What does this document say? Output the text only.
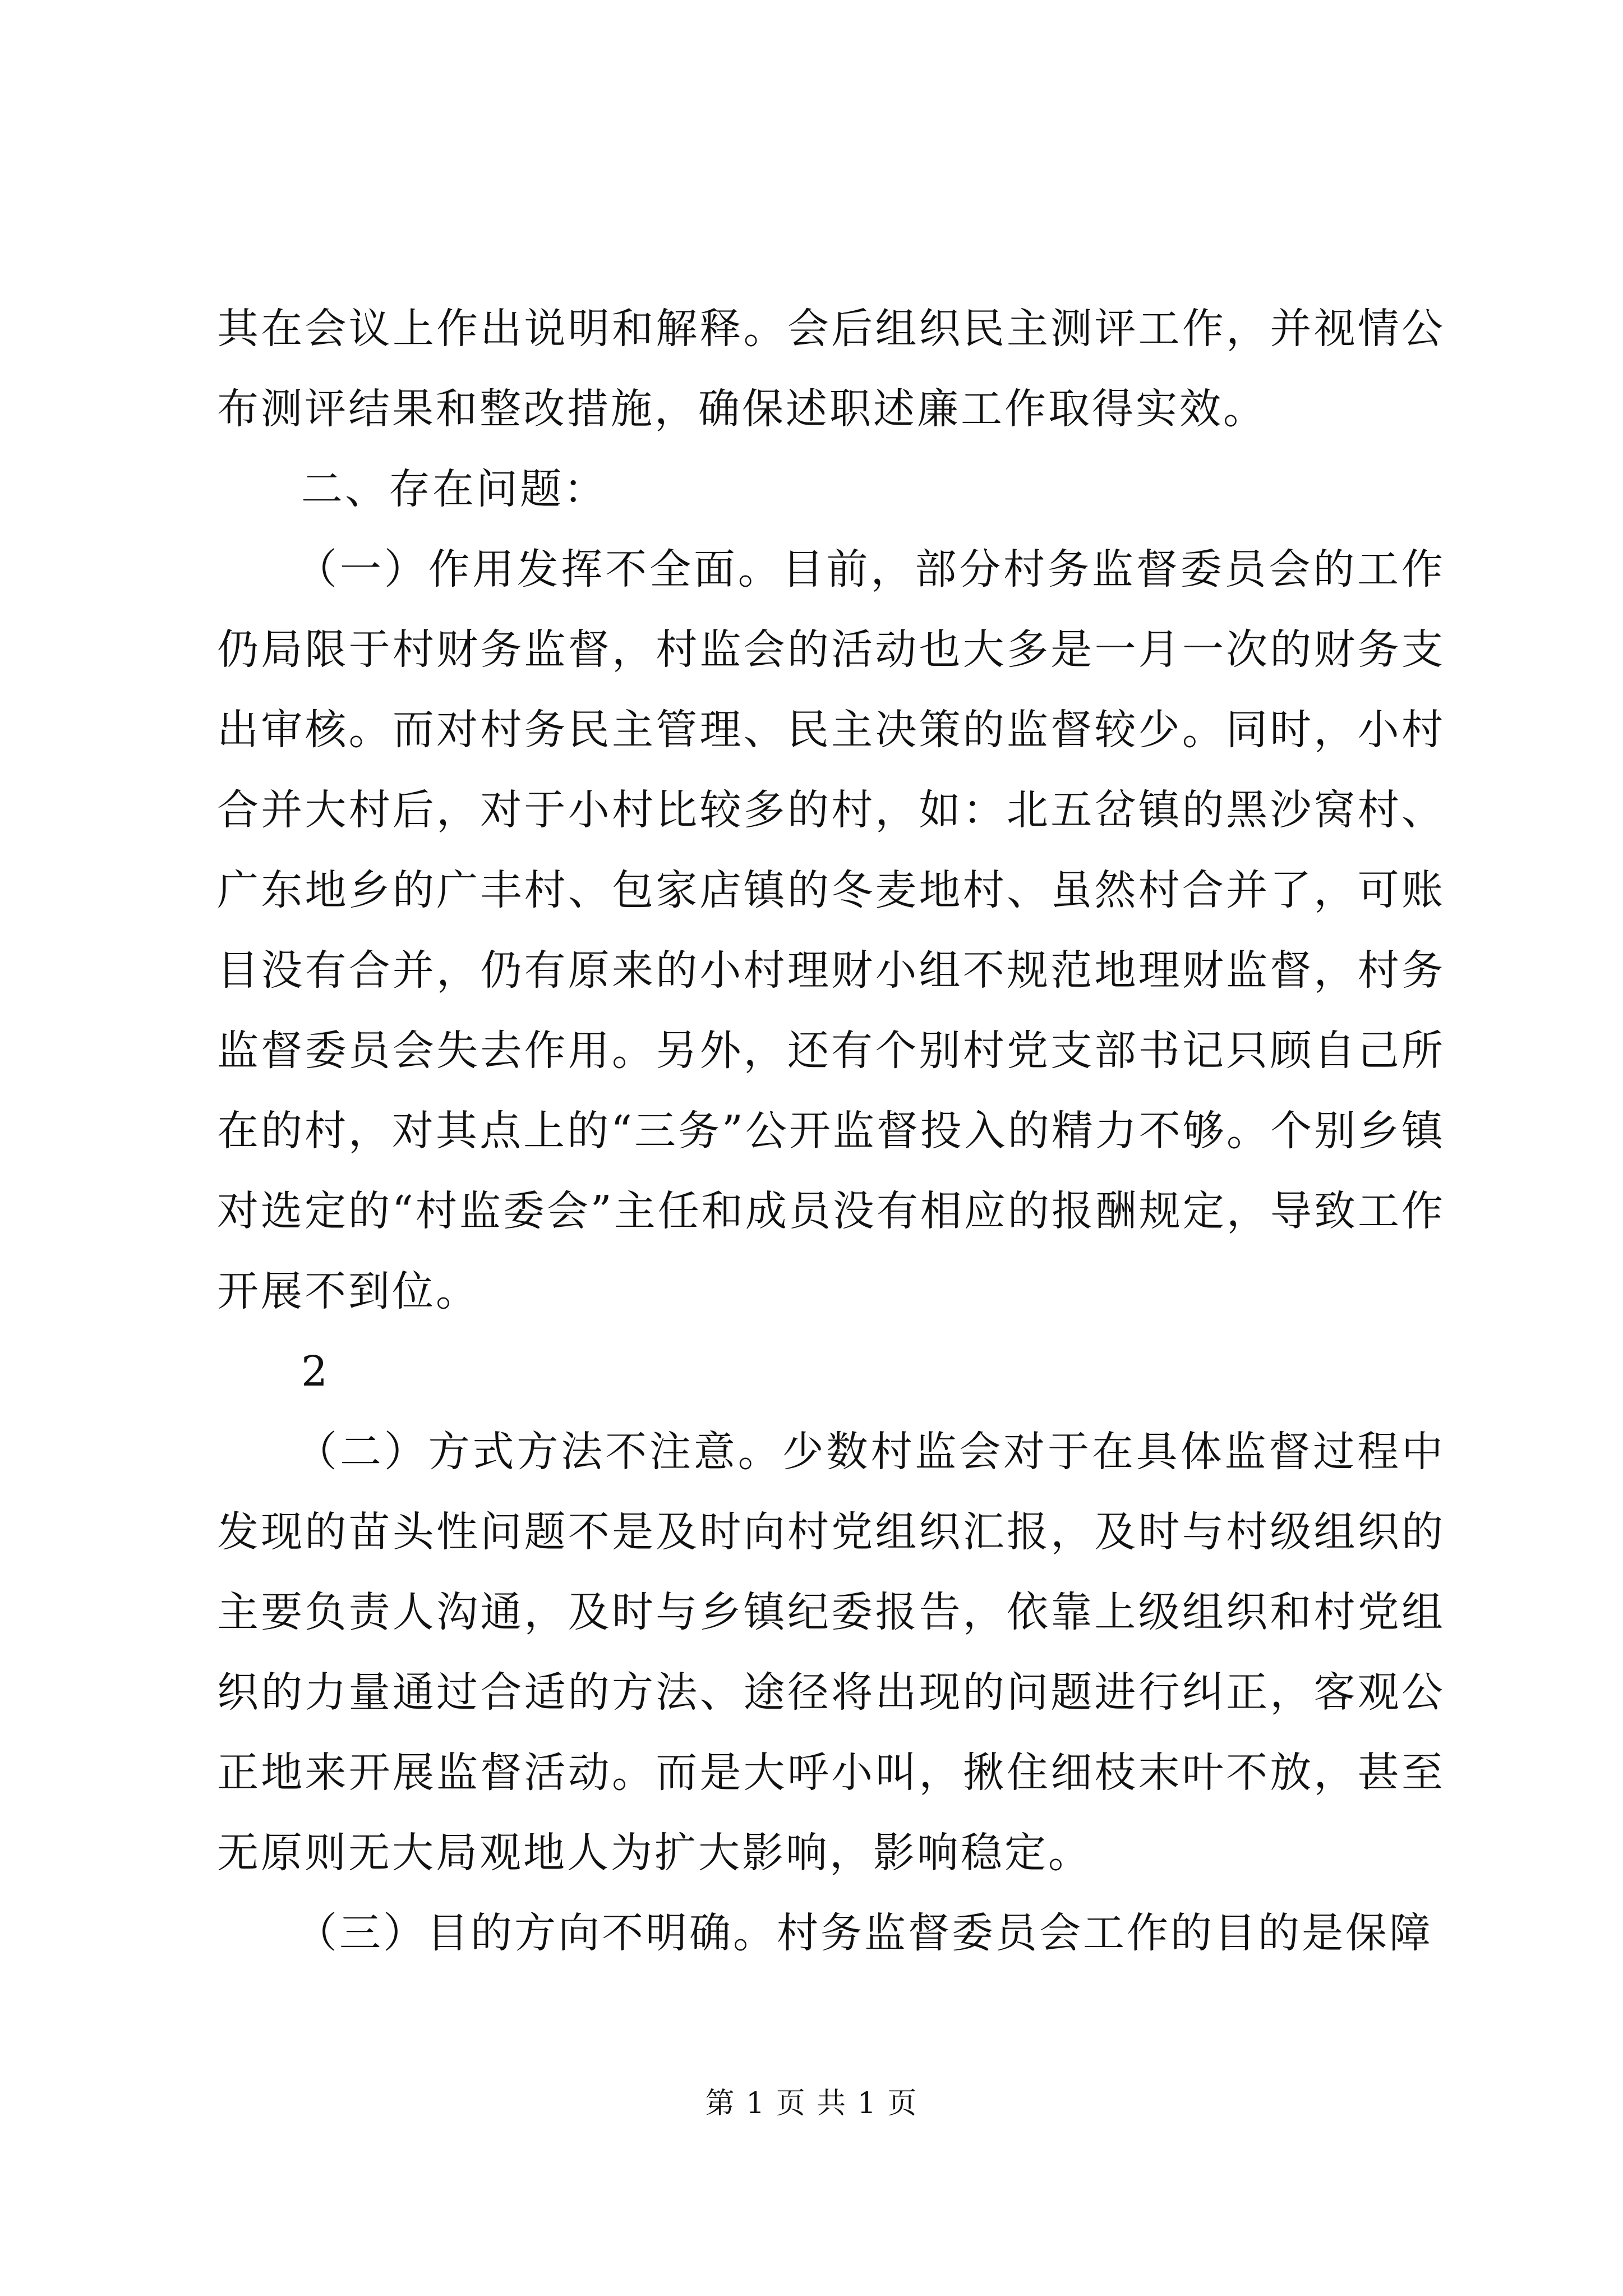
其在会议上作出说明和解释。会后组织民主测评工作，并视情公布测评结果和整改措施，确保述职述廉工作取得实效。

二、存在问题：

（一）作用发挥不全面。目前，部分村务监督委员会的工作仍局限于村财务监督，村监会的活动也大多是一月一次的财务支出审核。而对村务民主管理、民主决策的监督较少。同时，小村合并大村后，对于小村比较多的村，如：北五岔镇的黑沙窝村、广东地乡的广丰村、包家店镇的冬麦地村、虽然村合并了，可账目没有合并，仍有原来的小村理财小组不规范地理财监督，村务监督委员会失去作用。另外，还有个别村党支部书记只顾自己所在的村，对其点上的“三务”公开监督投入的精力不够。个别乡镇对选定的“村监委会”主任和成员没有相应的报酬规定，导致工作开展不到位。

2

（二）方式方法不注意。少数村监会对于在具体监督过程中发现的苗头性问题不是及时向村党组织汇报，及时与村级组织的主要负责人沟通，及时与乡镇纪委报告，依靠上级组织和村党组织的力量通过合适的方法、途径将出现的问题进行纠正，客观公正地来开展监督活动。而是大呼小叫，揪住细枝末叶不放，甚至无原则无大局观地人为扩大影响，影响稳定。

（三）目的方向不明确。村务监督委员会工作的目的是保障

第 1 页 共 1 页
